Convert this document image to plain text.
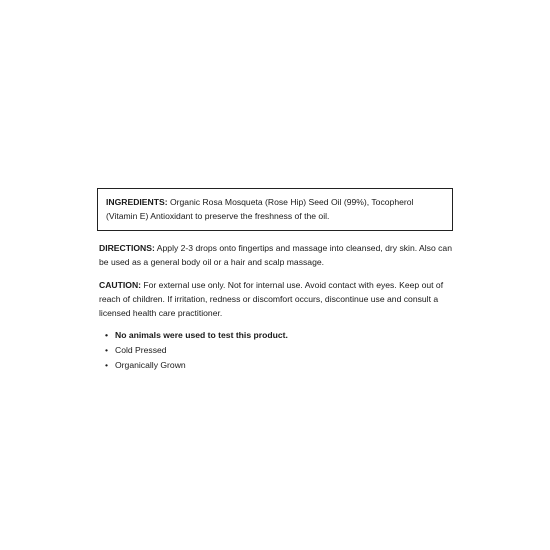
INGREDIENTS: Organic Rosa Mosqueta (Rose Hip) Seed Oil (99%), Tocopherol (Vitamin E) Antioxidant to preserve the freshness of the oil.

DIRECTIONS: Apply 2-3 drops onto fingertips and massage into cleansed, dry skin. Also can be used as a general body oil or a hair and scalp massage.

CAUTION: For external use only. Not for internal use. Avoid contact with eyes. Keep out of reach of children. If irritation, redness or discomfort occurs, discontinue use and consult a licensed health care practitioner.

• No animals were used to test this product.
• Cold Pressed
• Organically Grown
